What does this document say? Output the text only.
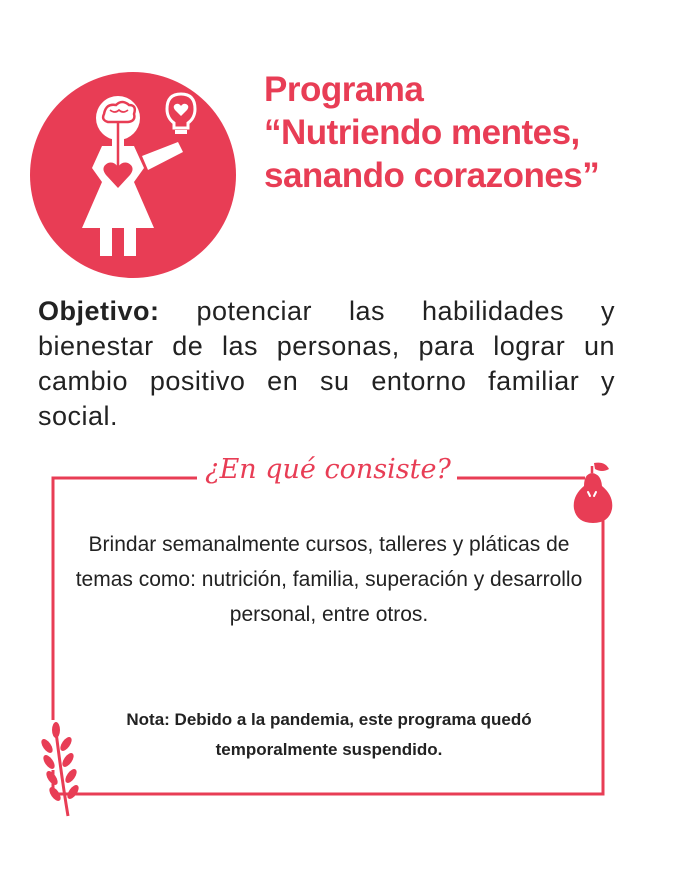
Programa
“Nutriendo mentes,
sanando corazones”
Objetivo: potenciar las habilidades y bienestar de las personas, para lograr un cambio positivo en su entorno familiar y social.
¿En qué consiste?
Brindar semanalmente cursos, talleres y pláticas de temas como: nutrición, familia, superación y desarrollo personal, entre otros.
Nota: Debido a la pandemia, este programa quedó temporalmente suspendido.
